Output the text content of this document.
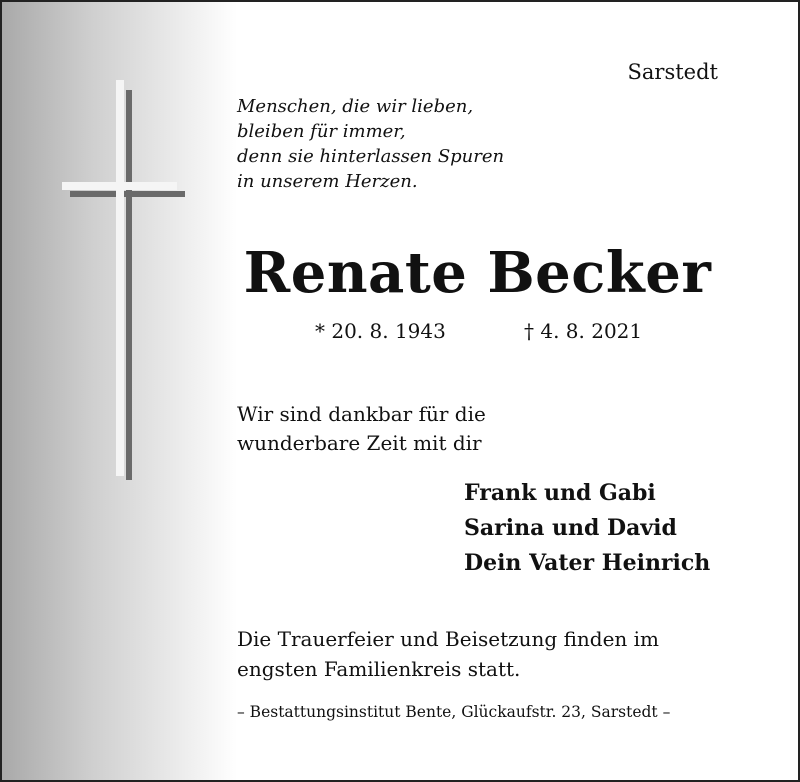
Sarstedt
Menschen, die wir lieben,
bleiben für immer,
denn sie hinterlassen Spuren
in unserem Herzen.
Renate Becker
* 20. 8. 1943	† 4. 8. 2021
Wir sind dankbar für die
wunderbare Zeit mit dir
Frank und Gabi
Sarina und David
Dein Vater Heinrich
Die Trauerfeier und Beisetzung finden im
engsten Familienkreis statt.
– Bestattungsinstitut Bente, Glückaufstr. 23, Sarstedt –
